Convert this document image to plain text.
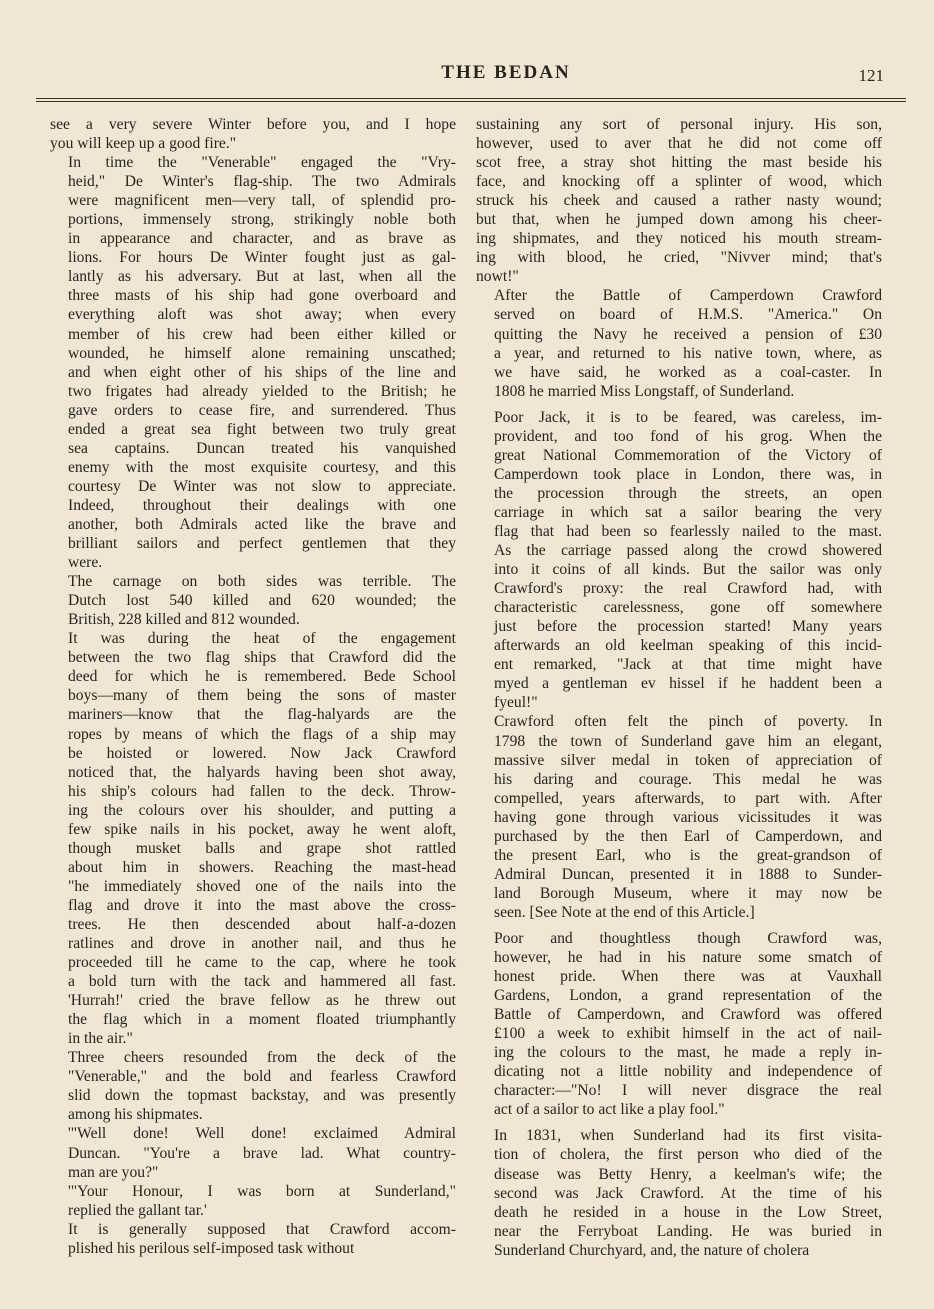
THE BEDAN	121

see a very severe Winter before you, and I hope
you will keep up a good fire."

In time the "Venerable" engaged the "Vry-
heid," De Winter's flag-ship. The two Admirals
were magnificent men—very tall, of splendid pro-
portions, immensely strong, strikingly noble both
in appearance and character, and as brave as
lions. For hours De Winter fought just as gal-
lantly as his adversary. But at last, when all the
three masts of his ship had gone overboard and
everything aloft was shot away; when every
member of his crew had been either killed or
wounded, he himself alone remaining unscathed;
and when eight other of his ships of the line and
two frigates had already yielded to the British; he
gave orders to cease fire, and surrendered. Thus
ended a great sea fight between two truly great
sea captains. Duncan treated his vanquished
enemy with the most exquisite courtesy, and this
courtesy De Winter was not slow to appreciate.
Indeed, throughout their dealings with one
another, both Admirals acted like the brave and
brilliant sailors and perfect gentlemen that they
were.

The carnage on both sides was terrible. The
Dutch lost 540 killed and 620 wounded; the
British, 228 killed and 812 wounded.

It was during the heat of the engagement
between the two flag ships that Crawford did the
deed for which he is remembered. Bede School
boys—many of them being the sons of master
mariners—know that the flag-halyards are the
ropes by means of which the flags of a ship may
be hoisted or lowered. Now Jack Crawford
noticed that, the halyards having been shot away,
his ship's colours had fallen to the deck. Throw-
ing the colours over his shoulder, and putting a
few spike nails in his pocket, away he went aloft,
though musket balls and grape shot rattled
about him in showers. Reaching the mast-head
"he immediately shoved one of the nails into the
flag and drove it into the mast above the cross-
trees. He then descended about half-a-dozen
ratlines and drove in another nail, and thus he
proceeded till he came to the cap, where he took
a bold turn with the tack and hammered all fast.
'Hurrah!' cried the brave fellow as he threw out
the flag which in a moment floated triumphantly
in the air."

Three cheers resounded from the deck of the
"Venerable," and the bold and fearless Crawford
slid down the topmast backstay, and was presently
among his shipmates.

'"Well done! Well done! exclaimed Admiral
Duncan. "You're a brave lad. What country-
man are you?"

'"Your Honour, I was born at Sunderland,"
replied the gallant tar.'

It is generally supposed that Crawford accom-
plished his perilous self-imposed task without

sustaining any sort of personal injury. His son,
however, used to aver that he did not come off
scot free, a stray shot hitting the mast beside his
face, and knocking off a splinter of wood, which
struck his cheek and caused a rather nasty wound;
but that, when he jumped down among his cheer-
ing shipmates, and they noticed his mouth stream-
ing with blood, he cried, "Nivver mind; that's
nowt!"

After the Battle of Camperdown Crawford
served on board of H.M.S. "America." On
quitting the Navy he received a pension of £30
a year, and returned to his native town, where, as
we have said, he worked as a coal-caster. In
1808 he married Miss Longstaff, of Sunderland.

Poor Jack, it is to be feared, was careless, im-
provident, and too fond of his grog. When the
great National Commemoration of the Victory of
Camperdown took place in London, there was, in
the procession through the streets, an open
carriage in which sat a sailor bearing the very
flag that had been so fearlessly nailed to the mast.
As the carriage passed along the crowd showered
into it coins of all kinds. But the sailor was only
Crawford's proxy: the real Crawford had, with
characteristic carelessness, gone off somewhere
just before the procession started! Many years
afterwards an old keelman speaking of this incid-
ent remarked, "Jack at that time might have
myed a gentleman ev hissel if he haddent been a
fyeul!"

Crawford often felt the pinch of poverty. In
1798 the town of Sunderland gave him an elegant,
massive silver medal in token of appreciation of
his daring and courage. This medal he was
compelled, years afterwards, to part with. After
having gone through various vicissitudes it was
purchased by the then Earl of Camperdown, and
the present Earl, who is the great-grandson of
Admiral Duncan, presented it in 1888 to Sunder-
land Borough Museum, where it may now be
seen. [See Note at the end of this Article.]

Poor and thoughtless though Crawford was,
however, he had in his nature some smatch of
honest pride. When there was at Vauxhall
Gardens, London, a grand representation of the
Battle of Camperdown, and Crawford was offered
£100 a week to exhibit himself in the act of nail-
ing the colours to the mast, he made a reply in-
dicating not a little nobility and independence of
character:—"No! I will never disgrace the real
act of a sailor to act like a play fool."

In 1831, when Sunderland had its first visita-
tion of cholera, the first person who died of the
disease was Betty Henry, a keelman's wife; the
second was Jack Crawford. At the time of his
death he resided in a house in the Low Street,
near the Ferryboat Landing. He was buried in
Sunderland Churchyard, and, the nature of cholera
